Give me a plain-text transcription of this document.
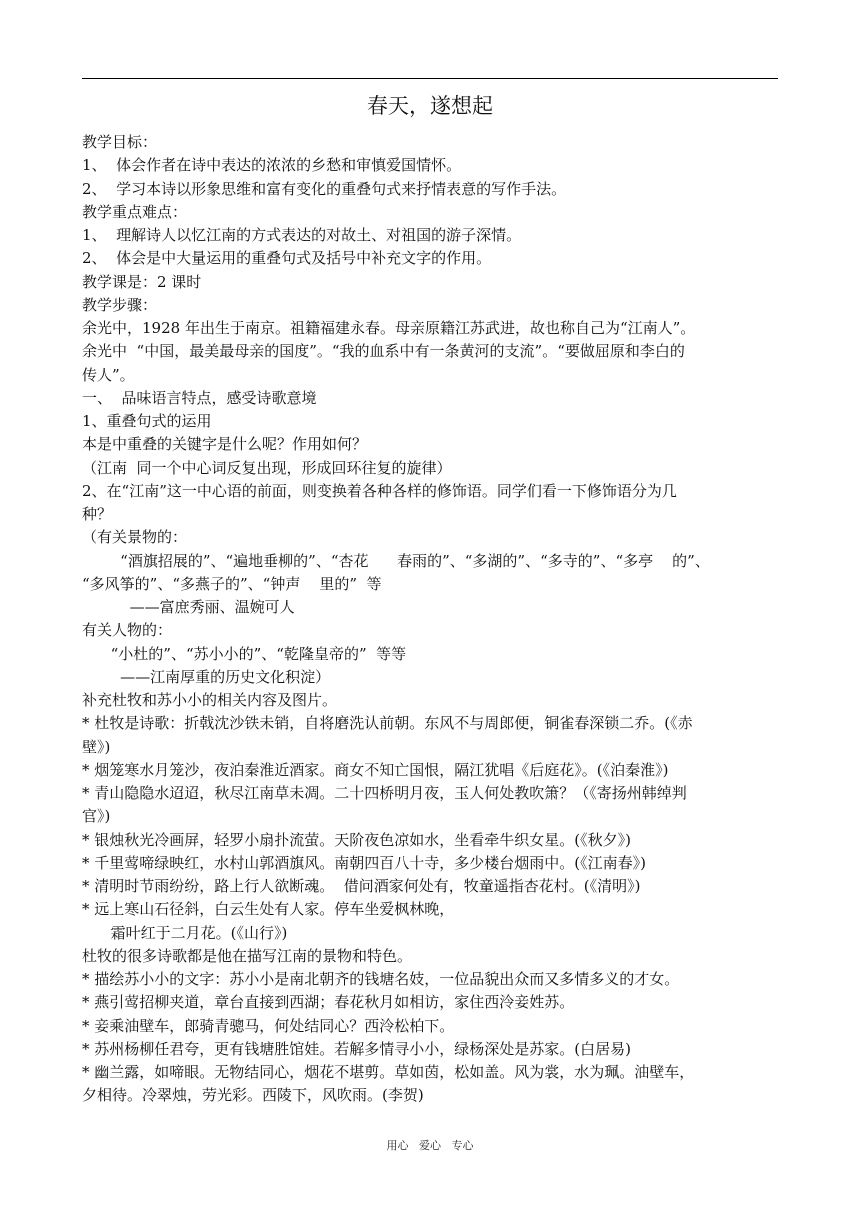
春天，遂想起
教学目标：
1、  体会作者在诗中表达的浓浓的乡愁和审慎爱国情怀。
2、  学习本诗以形象思维和富有变化的重叠句式来抒情表意的写作手法。
教学重点难点：
1、  理解诗人以忆江南的方式表达的对故土、对祖国的游子深情。
2、  体会是中大量运用的重叠句式及括号中补充文字的作用。
教学课是：2 课时
教学步骤：
余光中，1928 年出生于南京。祖籍福建永春。母亲原籍江苏武进，故也称自己为“江南人”。
余光中  “中国，最美最母亲的国度”。“我的血系中有一条黄河的支流”。“要做屈原和李白的
传人”。
一、  品味语言特点，感受诗歌意境
1、重叠句式的运用
本是中重叠的关键字是什么呢？作用如何？
（江南  同一个中心词反复出现，形成回环往复的旋律）
2、在“江南”这一中心语的前面，则变换着各种各样的修饰语。同学们看一下修饰语分为几
种？
（有关景物的：
“酒旗招展的”、“遍地垂柳的”、“杏花      春雨的”、“多湖的”、“多寺的”、“多亭    的”、
“多风筝的”、“多燕子的”、“钟声    里的”  等
——富庶秀丽、温婉可人
有关人物的：
“小杜的”、“苏小小的”、“乾隆皇帝的”  等等
——江南厚重的历史文化积淀）
补充杜牧和苏小小的相关内容及图片。
* 杜牧是诗歌：折戟沈沙铁未销，自将磨洗认前朝。东风不与周郎便，铜雀春深锁二乔。(《赤
壁》)
* 烟笼寒水月笼沙，夜泊秦淮近酒家。商女不知亡国恨，隔江犹唱《后庭花》。(《泊秦淮》)
* 青山隐隐水迢迢，秋尽江南草未凋。二十四桥明月夜，玉人何处教吹箫？（《寄扬州韩绰判
官》)
* 银烛秋光冷画屏，轻罗小扇扑流萤。天阶夜色凉如水，坐看牵牛织女星。(《秋夕》)
* 千里莺啼绿映红，水村山郭酒旗风。南朝四百八十寺，多少楼台烟雨中。(《江南春》)
* 清明时节雨纷纷，路上行人欲断魂。  借问酒家何处有，牧童遥指杏花村。(《清明》)
* 远上寒山石径斜，白云生处有人家。停车坐爱枫林晚，
霜叶红于二月花。(《山行》)
杜牧的很多诗歌都是他在描写江南的景物和特色。
* 描绘苏小小的文字：苏小小是南北朝齐的钱塘名妓，一位品貌出众而又多情多义的才女。
* 燕引莺招柳夹道，章台直接到西湖；春花秋月如相访，家住西泠妾姓苏。
* 妾乘油壁车，郎骑青骢马，何处结同心？西泠松柏下。
* 苏州杨柳任君夸，更有钱塘胜馆娃。若解多情寻小小，绿杨深处是苏家。(白居易)
* 幽兰露，如啼眼。无物结同心，烟花不堪剪。草如茵，松如盖。风为裳，水为珮。油壁车，
夕相待。冷翠烛，劳光彩。西陵下，风吹雨。(李贺)
用心   爱心   专心
